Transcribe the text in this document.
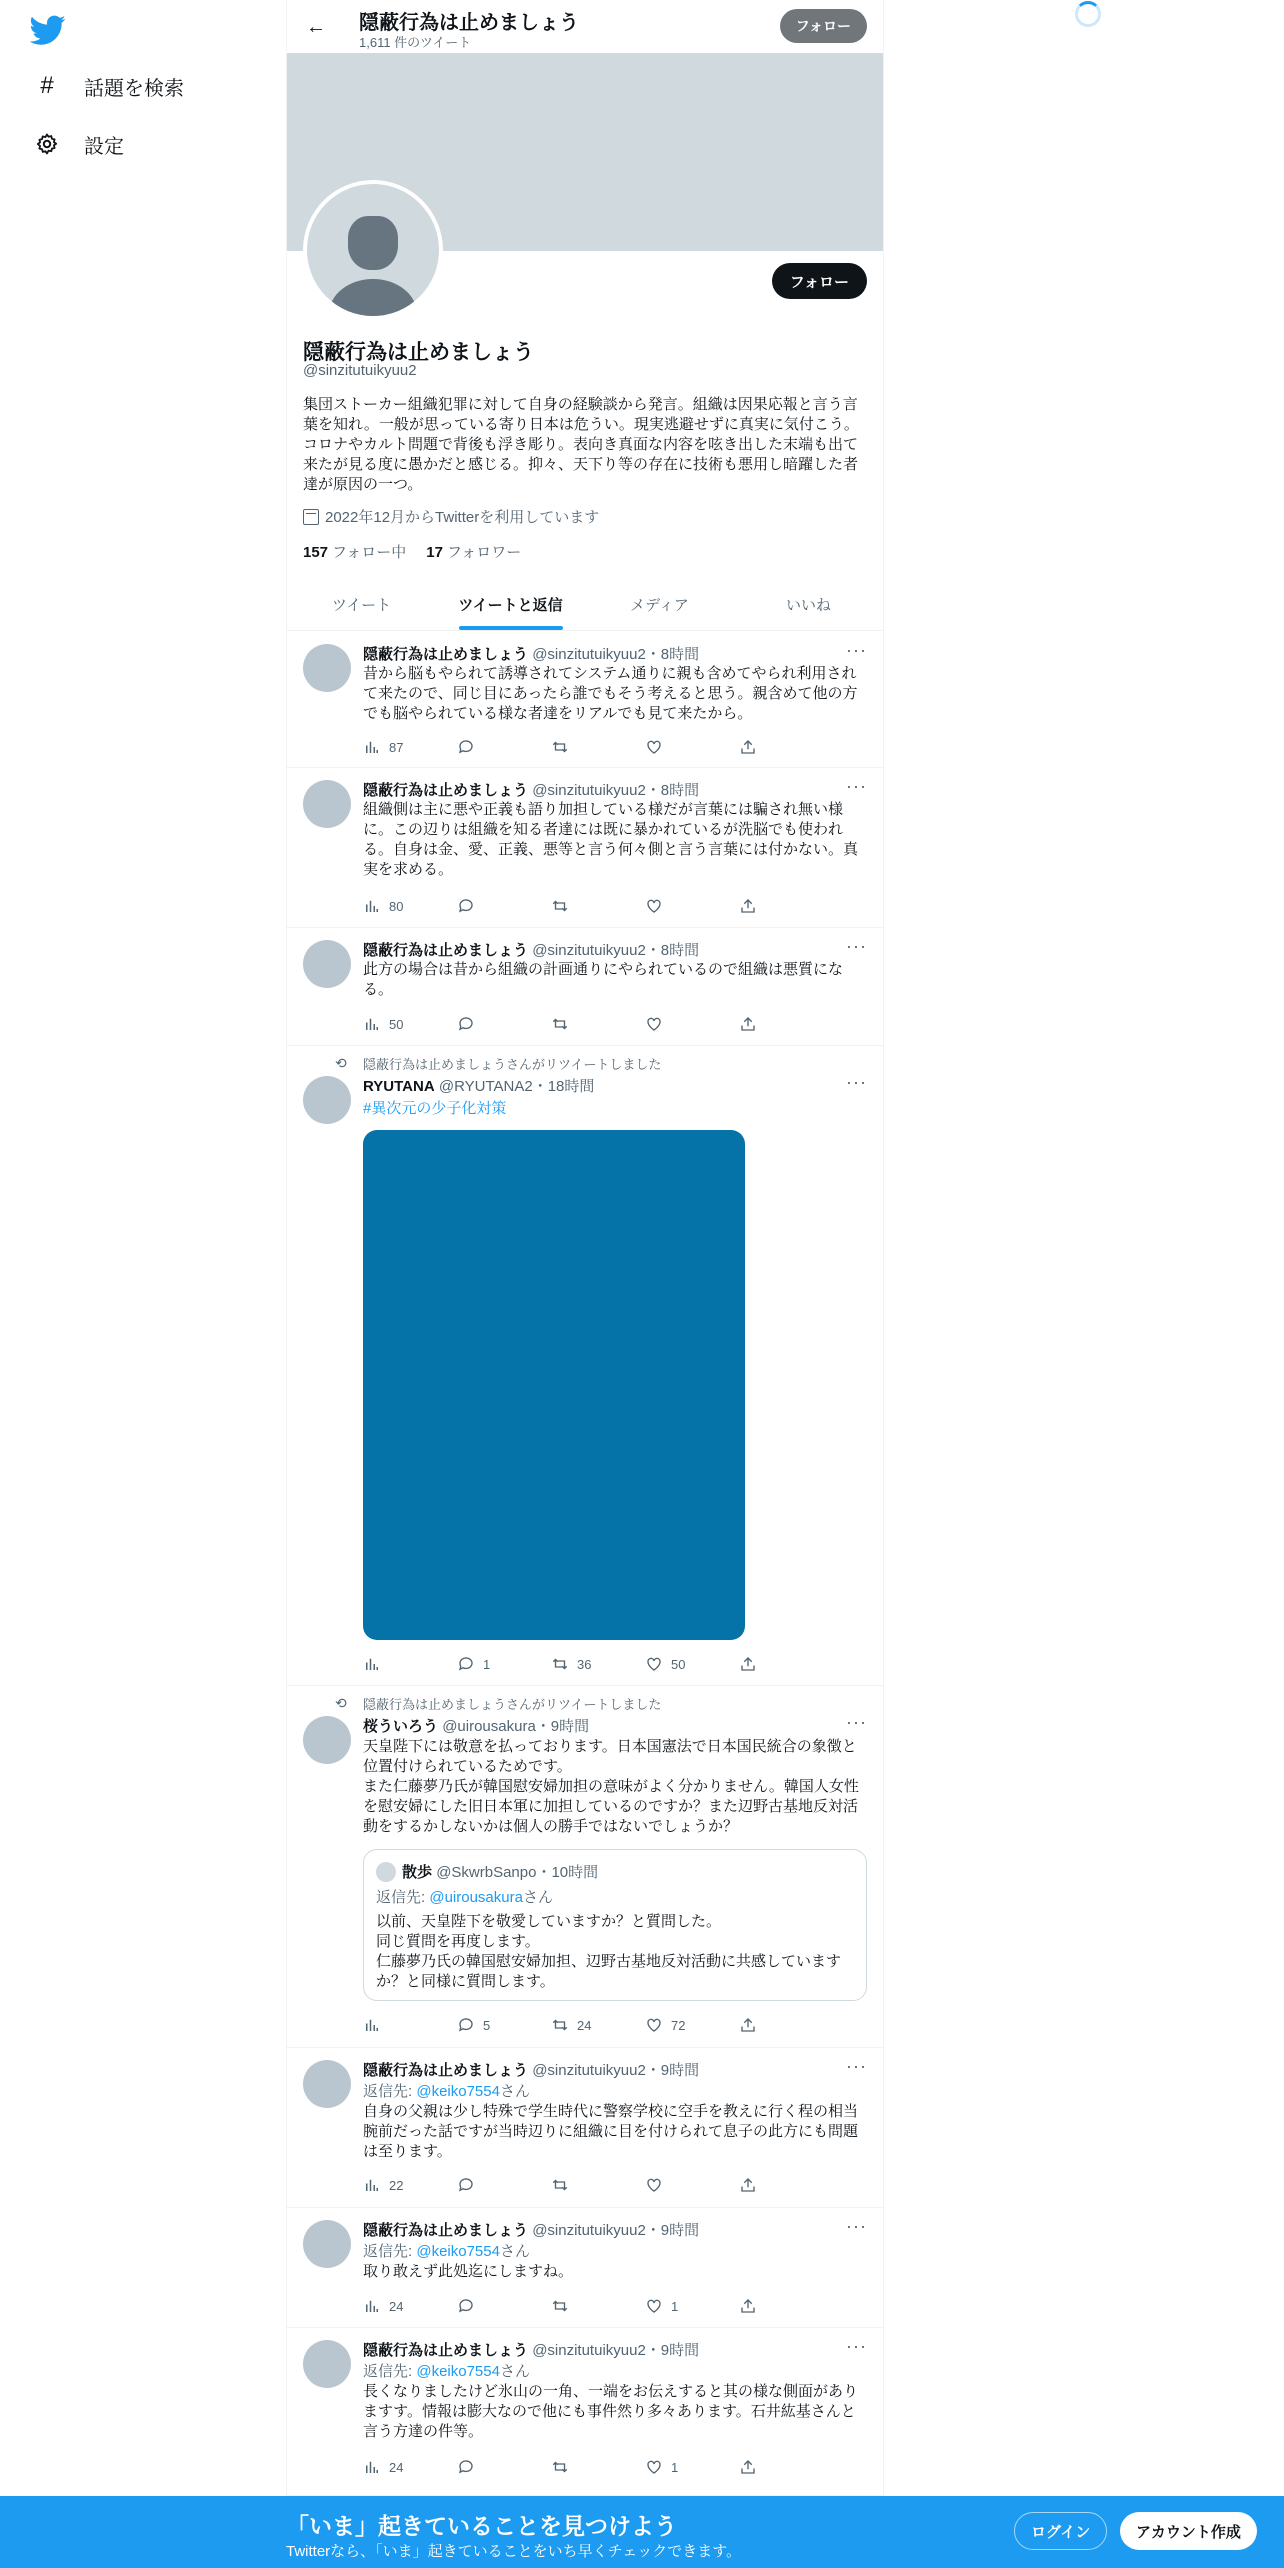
#	話題を検索
設定
← 隠蔽行為は止めましょう
1,611 件のツイート
フォロー
フォロー
隠蔽行為は止めましょう
@sinzitutuikyuu2
集団ストーカー組織犯罪に対して自身の経験談から発言。組織は因果応報と言う言葉を知れ。一般が思っている寄り日本は危うい。現実逃避せずに真実に気付こう。コロナやカルト問題で背後も浮き彫り。表向き真面な内容を呟き出した末端も出て来たが見る度に愚かだと感じる。抑々、天下り等の存在に技術も悪用し暗躍した者達が原因の一つ。
2022年12月からTwitterを利用しています
157 フォロー中 17 フォロワー
ツイート	ツイートと返信	メディア	いいね
隠蔽行為は止めましょう @sinzitutuikyuu2・8時間	···
昔から脳もやられて誘導されてシステム通りに親も含めてやられ利用されて来たので、同じ目にあったら誰でもそう考えると思う。親含めて他の方でも脳やられている様な者達をリアルでも見て来たから。
87
隠蔽行為は止めましょう @sinzitutuikyuu2・8時間	···
組織側は主に悪や正義も語り加担している様だが言葉には騙され無い様に。この辺りは組織を知る者達には既に暴かれているが洗脳でも使われる。自身は金、愛、正義、悪等と言う何々側と言う言葉には付かない。真実を求める。
80
隠蔽行為は止めましょう @sinzitutuikyuu2・8時間	···
此方の場合は昔から組織の計画通りにやられているので組織は悪質になる。
50
⟲	隠蔽行為は止めましょうさんがリツイートしました
RYUTANA @RYUTANA2・18時間	···
#異次元の少子化対策
1	36	50
⟲	隠蔽行為は止めましょうさんがリツイートしました
桜ういろう @uirousakura・9時間	···
天皇陛下には敬意を払っております。日本国憲法で日本国民統合の象徴と位置付けられているためです。
また仁藤夢乃氏が韓国慰安婦加担の意味がよく分かりません。韓国人女性を慰安婦にした旧日本軍に加担しているのですか？また辺野古基地反対活動をするかしないかは個人の勝手ではないでしょうか？
散歩 @SkwrbSanpo・10時間
返信先: @uirousakuraさん
以前、天皇陛下を敬愛していますか？と質問した。
同じ質問を再度します。
仁藤夢乃氏の韓国慰安婦加担、辺野古基地反対活動に共感していますか？と同様に質問します。
5	24	72
隠蔽行為は止めましょう @sinzitutuikyuu2・9時間	···
返信先: @keiko7554さん
自身の父親は少し特殊で学生時代に警察学校に空手を教えに行く程の相当腕前だった話ですが当時辺りに組織に目を付けられて息子の此方にも問題は至ります。
22
隠蔽行為は止めましょう @sinzitutuikyuu2・9時間	···
返信先: @keiko7554さん
取り敢えず此処迄にしますね。
24	1
隠蔽行為は止めましょう @sinzitutuikyuu2・9時間	···
返信先: @keiko7554さん
長くなりましたけど氷山の一角、一端をお伝えすると其の様な側面がありますす。情報は膨大なので他にも事件然り多々あります。石井紘基さんと言う方達の件等。
24	1
「いま」起きていることを見つけよう
Twitterなら、「いま」起きていることをいち早くチェックできます。
ログイン	アカウント作成
